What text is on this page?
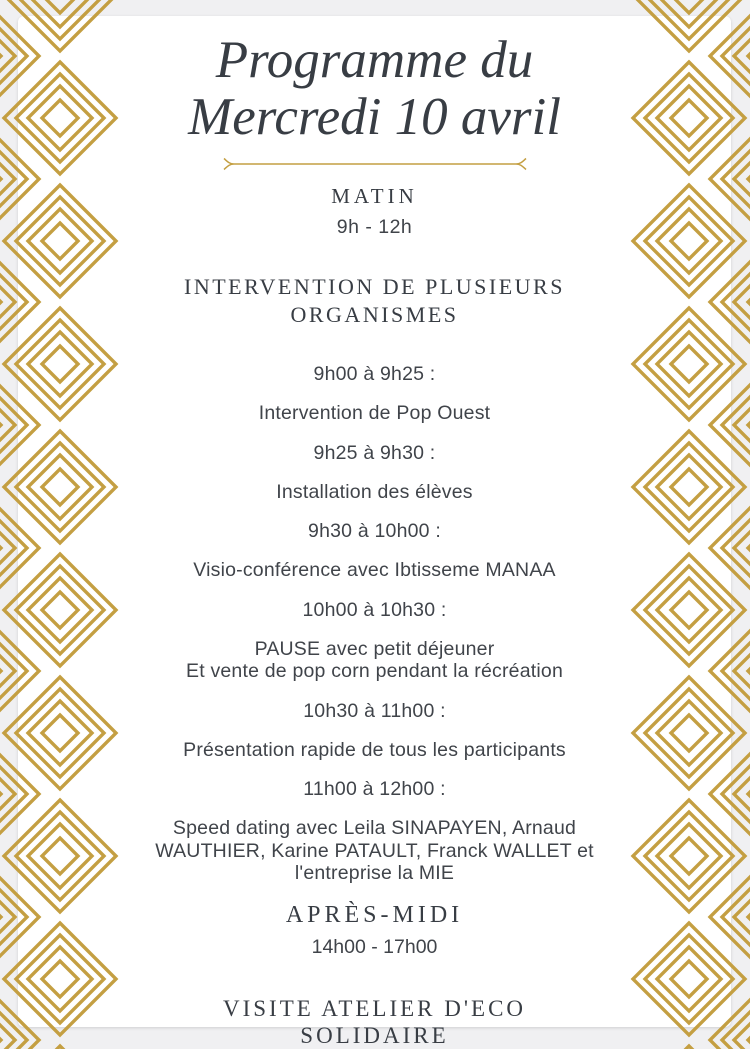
Programme du
Mercredi 10 avril
MATIN
9h - 12h
INTERVENTION DE PLUSIEURS
ORGANISMES
9h00 à 9h25 :
Intervention de Pop Ouest
9h25 à 9h30 :
Installation des élèves
9h30 à 10h00 :
Visio-conférence avec Ibtisseme MANAA
10h00 à 10h30 :
PAUSE avec petit déjeuner
Et vente de pop corn pendant la récréation
10h30 à 11h00 :
Présentation rapide de tous les participants
11h00 à 12h00 :
Speed dating avec Leila SINAPAYEN, Arnaud
WAUTHIER, Karine PATAULT, Franck WALLET et
l'entreprise la MIE
APRÈS-MIDI
14h00 - 17h00
VISITE ATELIER D'ECO
SOLIDAIRE
